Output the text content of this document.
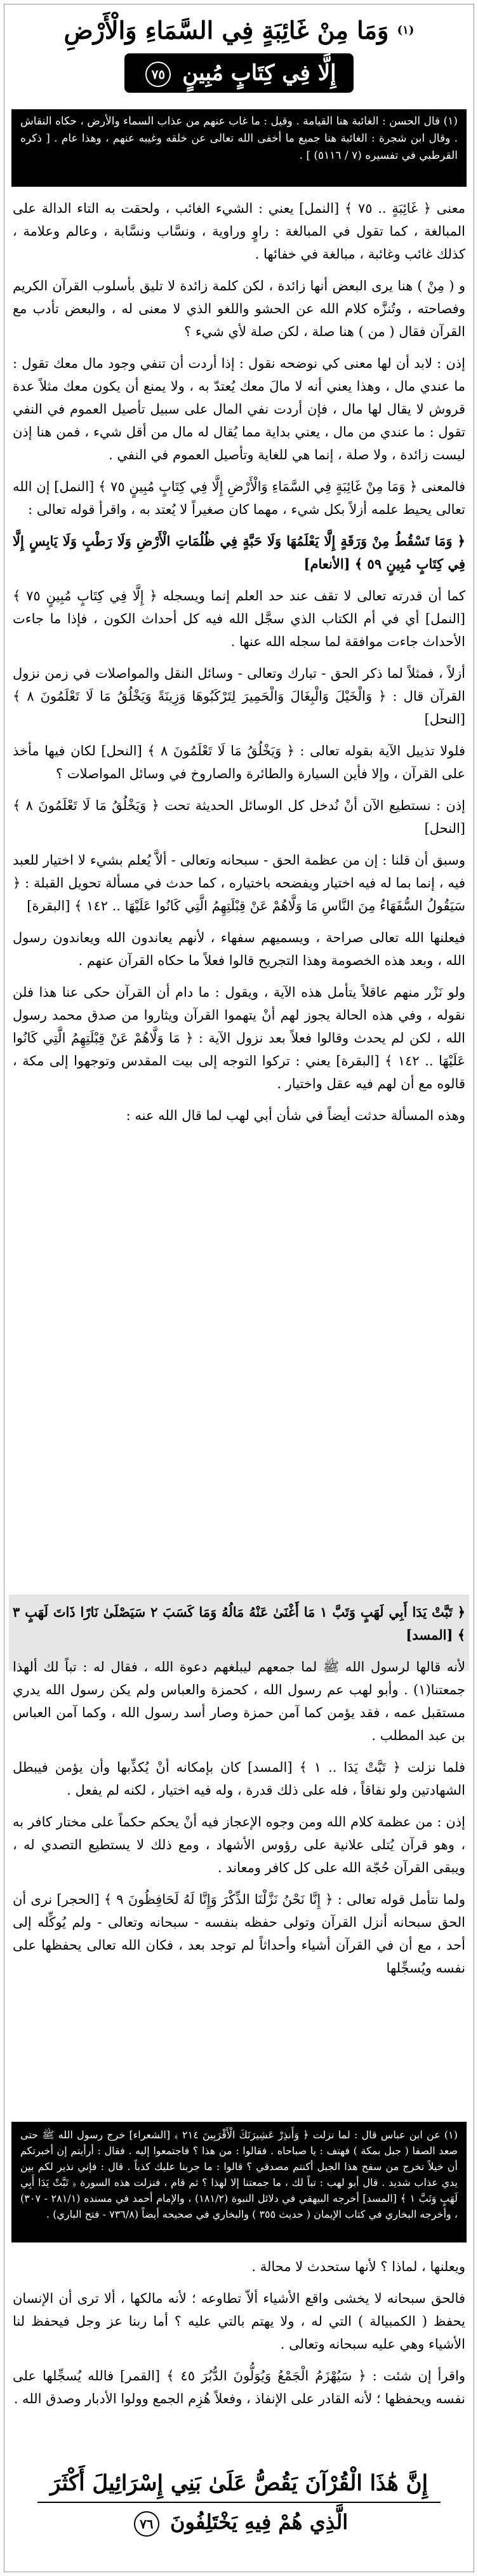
$^{(١)}$ وَمَا مِنْ غَائِبَةٍ فِي السَّمَاءِ وَالْأَرْضِ
إِلَّا فِي كِتَابٍ مُبِينٍ ٧٥
(١) قال الحسن : الغائبة هنا القيامة . وقيل : ما غاب عنهم من عذاب السماء والأرض ، حكاه النقاش . وقال ابن شجرة : الغائبة هنا جميع ما أخفى الله تعالى عن خلقه وغيبه عنهم ، وهذا عام . [ ذكره القرطبي في تفسيره (٧ / ٥١١٦) ] .

معنى ﴿ غَائِبَةٍ .. ٧٥ ﴾ [النمل] يعني : الشيء الغائب ، ولحقت به التاء الدالة على المبالغة ، كما تقول في المبالغة : راوٍ وراوية ، ونسَّاب ونسَّابة ، وعالم وعلامة ، كذلك غائب وغائبة ، مبالغة في خفائها .

و ( مِنْ ) هنا يرى البعض أنها زائدة ، لكن كلمة زائدة لا تليق بأسلوب القرآن الكريم وفصاحته ، وتُنزَّه كلام الله عن الحشو واللغو الذي لا معنى له ، والبعض تأدب مع القرآن فقال ( من ) هنا صلة ، لكن صلة لأي شيء ؟

إذن : لابد أن لها معنى كي نوضحه نقول : إذا أردت أن تنفي وجود مال معك تقول : ما عندي مال ، وهذا يعني أنه لا مالَ معك يُعتدّ به ، ولا يمنع أن يكون معك مثلاً عدة قروش لا يقال لها مال ، فإن أردت نفي المال على سبيل تأصيل العموم في النفي تقول : ما عندي من مال ، يعني بداية مما يُقال له مال من أقل شيء ، فمن هنا إذن ليست زائدة ، ولا صلة ، إنما هي للغاية وتأصيل العموم في النفي .

فالمعنى ﴿ وَمَا مِنْ غَائِبَةٍ فِي السَّمَاءِ وَالْأَرْضِ إِلَّا فِي كِتَابٍ مُبِينٍ ٧٥ ﴾ [النمل] إن الله تعالى يحيط علمه أزلاً بكل شيء ، مهما كان صغيراً لا يُعتد به ، واقرأ قوله تعالى :

﴿ وَمَا تَسْقُطُ مِنْ وَرَقَةٍ إِلَّا يَعْلَمُهَا وَلَا حَبَّةٍ فِي ظُلُمَاتِ الْأَرْضِ وَلَا رَطْبٍ وَلَا يَابِسٍ إِلَّا فِي كِتَابٍ مُبِينٍ ٥٩ ﴾ [الأنعام]

كما أن قدرته تعالى لا تقف عند حد العلم إنما ويسجله ﴿ إِلَّا فِي كِتَابٍ مُبِينٍ ٧٥ ﴾ [النمل] أي في أم الكتاب الذي سجَّل الله فيه كل أحداث الكون ، فإذا ما جاءت الأحداث جاءت موافقة لما سجله الله عنها .

أزلاً ، فمثلاً لما ذكر الحق - تبارك وتعالى - وسائل النقل والمواصلات في زمن نزول القرآن قال : ﴿ وَالْخَيْلَ وَالْبِغَالَ وَالْحَمِيرَ لِتَرْكَبُوهَا وَزِينَةً وَيَخْلُقُ مَا لَا تَعْلَمُونَ ٨ ﴾ [النحل]

فلولا تذييل الآية بقوله تعالى : ﴿ وَيَخْلُقُ مَا لَا تَعْلَمُونَ ٨ ﴾ [النحل] لكان فيها مأخذ على القرآن ، وإلا فأين السيارة والطائرة والصاروخ في وسائل المواصلات ؟

إذن : نستطيع الآن أنْ نُدخل كل الوسائل الحديثة تحت ﴿ وَيَخْلُقُ مَا لَا تَعْلَمُونَ ٨ ﴾ [النحل]

وسبق أن قلنا : إن من عظمة الحق - سبحانه وتعالى - ألاَّ يُعلم بشيء لا اختيار للعبد فيه ، إنما بما له فيه اختيار ويفضحه باختياره ، كما حدث في مسألة تحويل القبلة : ﴿ سَيَقُولُ السُّفَهَاءُ مِنَ النَّاسِ مَا وَلَّاهُمْ عَنْ قِبْلَتِهِمُ الَّتِي كَانُوا عَلَيْهَا .. ١٤٢ ﴾ [البقرة]

فيعلنها الله تعالى صراحة ، ويسميهم سفهاء ، لأنهم يعاندون الله ويعاندون رسول الله ، وبعد هذه الخصومة وهذا التجريح قالوا فعلاً ما حكاه القرآن عنهم .

ولو نَزْر منهم عاقلاً يتأمل هذه الآية ، ويقول : ما دام أن القرآن حكى عنا هذا فلن نقوله ، وفي هذه الحالة يجوز لهم أنْ يتهموا القرآن ويثاروا من صدق محمد رسول الله ، لكن لم يحدث وقالوا فعلاً بعد نزول الآية : ﴿ مَا وَلَّاهُمْ عَنْ قِبْلَتِهِمُ الَّتِي كَانُوا عَلَيْهَا .. ١٤٢ ﴾ [البقرة] يعني : تركوا التوجه إلى بيت المقدس وتوجهوا إلى مكة ، قالوه مع أن لهم فيه عقل واختيار .

وهذه المسألة حدثت أيضاً في شأن أبي لهب لما قال الله عنه :

﴿ تَبَّتْ يَدَا أَبِي لَهَبٍ وَتَبَّ ١ مَا أَغْنَىٰ عَنْهُ مَالُهُ وَمَا كَسَبَ ٢ سَيَصْلَىٰ نَارًا ذَاتَ لَهَبٍ ٣ ﴾ [المسد]

لأنه قالها لرسول الله ﷺ لما جمعهم ليبلغهم دعوة الله ، فقال له : تباً لك ألهذا جمعتنا(١) . وأبو لهب عم رسول الله ، كحمزة والعباس ولم يكن رسول الله يدري مستقبل عمه ، فقد يؤمن كما آمن حمزة وصار أسد رسول الله ، وكما آمن العباس بن عبد المطلب .

فلما نزلت ﴿ تَبَّتْ يَدَا .. ١ ﴾ [المسد] كان بإمكانه أنْ يُكذِّبها وأن يؤمن فيبطل الشهادتين ولو نفاقاً ، فله على ذلك قدرة ، وله فيه اختيار ، لكنه لم يفعل .

إذن : من عظمة كلام الله ومن وجوه الإعجاز فيه أنْ يحكم حكماً على مختار كافر به ، وهو قرآن يُتلى علانية على رؤوس الأشهاد ، ومع ذلك لا يستطيع التصدي له ، ويبقى القرآن حُجّة الله على كل كافر ومعاند .

ولما نتأمل قوله تعالى : ﴿ إِنَّا نَحْنُ نَزَّلْنَا الذِّكْرَ وَإِنَّا لَهُ لَحَافِظُونَ ٩ ﴾ [الحجر] نرى أن الحق سبحانه أنزل القرآن وتولى حفظه بنفسه - سبحانه وتعالى - ولم يُوكِّله إلى أحد ، مع أن في القرآن أشياء وأحداثاً لم توجد بعد ، فكان الله تعالى يحفظها على نفسه ويُسجِّلها

(١) عن ابن عباس قال : لما نزلت ﴿ وَأَنذِرْ عَشِيرَتَكَ الْأَقْرَبِينَ ٢١٤ ﴾ [الشعراء] خرج رسول الله ﷺ حتى صعد الصفا ( جبل بمكة ) فهتف : يا صباحاه . فقالوا : من هذا ؟ فاجتمعوا إليه . فقال : أرأيتم إن أخبرتكم أن خيلاً تخرج من سفح هذا الجبل أكنتم مصدقي ؟ قالوا : ما جربنا عليك كذباً . قال : فإني نذير لكم بين يدي عذاب شديد . قال أبو لهب : تباً لك ، ما جمعتنا إلا لهذا ؟ ثم قام ، فنزلت هذه السورة ﴿ تَبَّتْ يَدَا أَبِي لَهَبٍ وَتَبَّ ١ ﴾ [المسد] أخرجه البيهقي في دلائل النبوة (١٨١/٢) ، والإمام أحمد في مسنده (٢٨١/١ - ٣٠٧) ، وأخرجه البخاري في كتاب الإيمان ( حديث ٣٥٥ ) والبخاري في صحيحه أيضاً (٧٣٦/٨ - فتح الباري) .

ويعلنها ، لماذا ؟ لأنها ستحدث لا محالة .

فالحق سبحانه لا يخشى واقع الأشياء ألاّ تطاوعه ؛ لأنه مالكها ، ألا ترى أن الإنسان يحفظ ( الكمبيالة ) التي له ، ولا يهتم بالتي عليه ؟ أما ربنا عز وجل فيحفظ لنا الأشياء وهي عليه سبحانه وتعالى .

واقرأ إن شئت : ﴿ سَيُهْزَمُ الْجَمْعُ وَيُوَلُّونَ الدُّبُرَ ٤٥ ﴾ [القمر] فالله يُسجِّلها على نفسه ويحفظها ؛ لأنه القادر على الإنفاذ ، وفعلاً هُزِم الجمع وولوا الأدبار وصدق الله .

إِنَّ هَٰذَا الْقُرْآنَ يَقُصُّ عَلَىٰ بَنِي إِسْرَائِيلَ أَكْثَرَ
الَّذِي هُمْ فِيهِ يَخْتَلِفُونَ ٧٦
